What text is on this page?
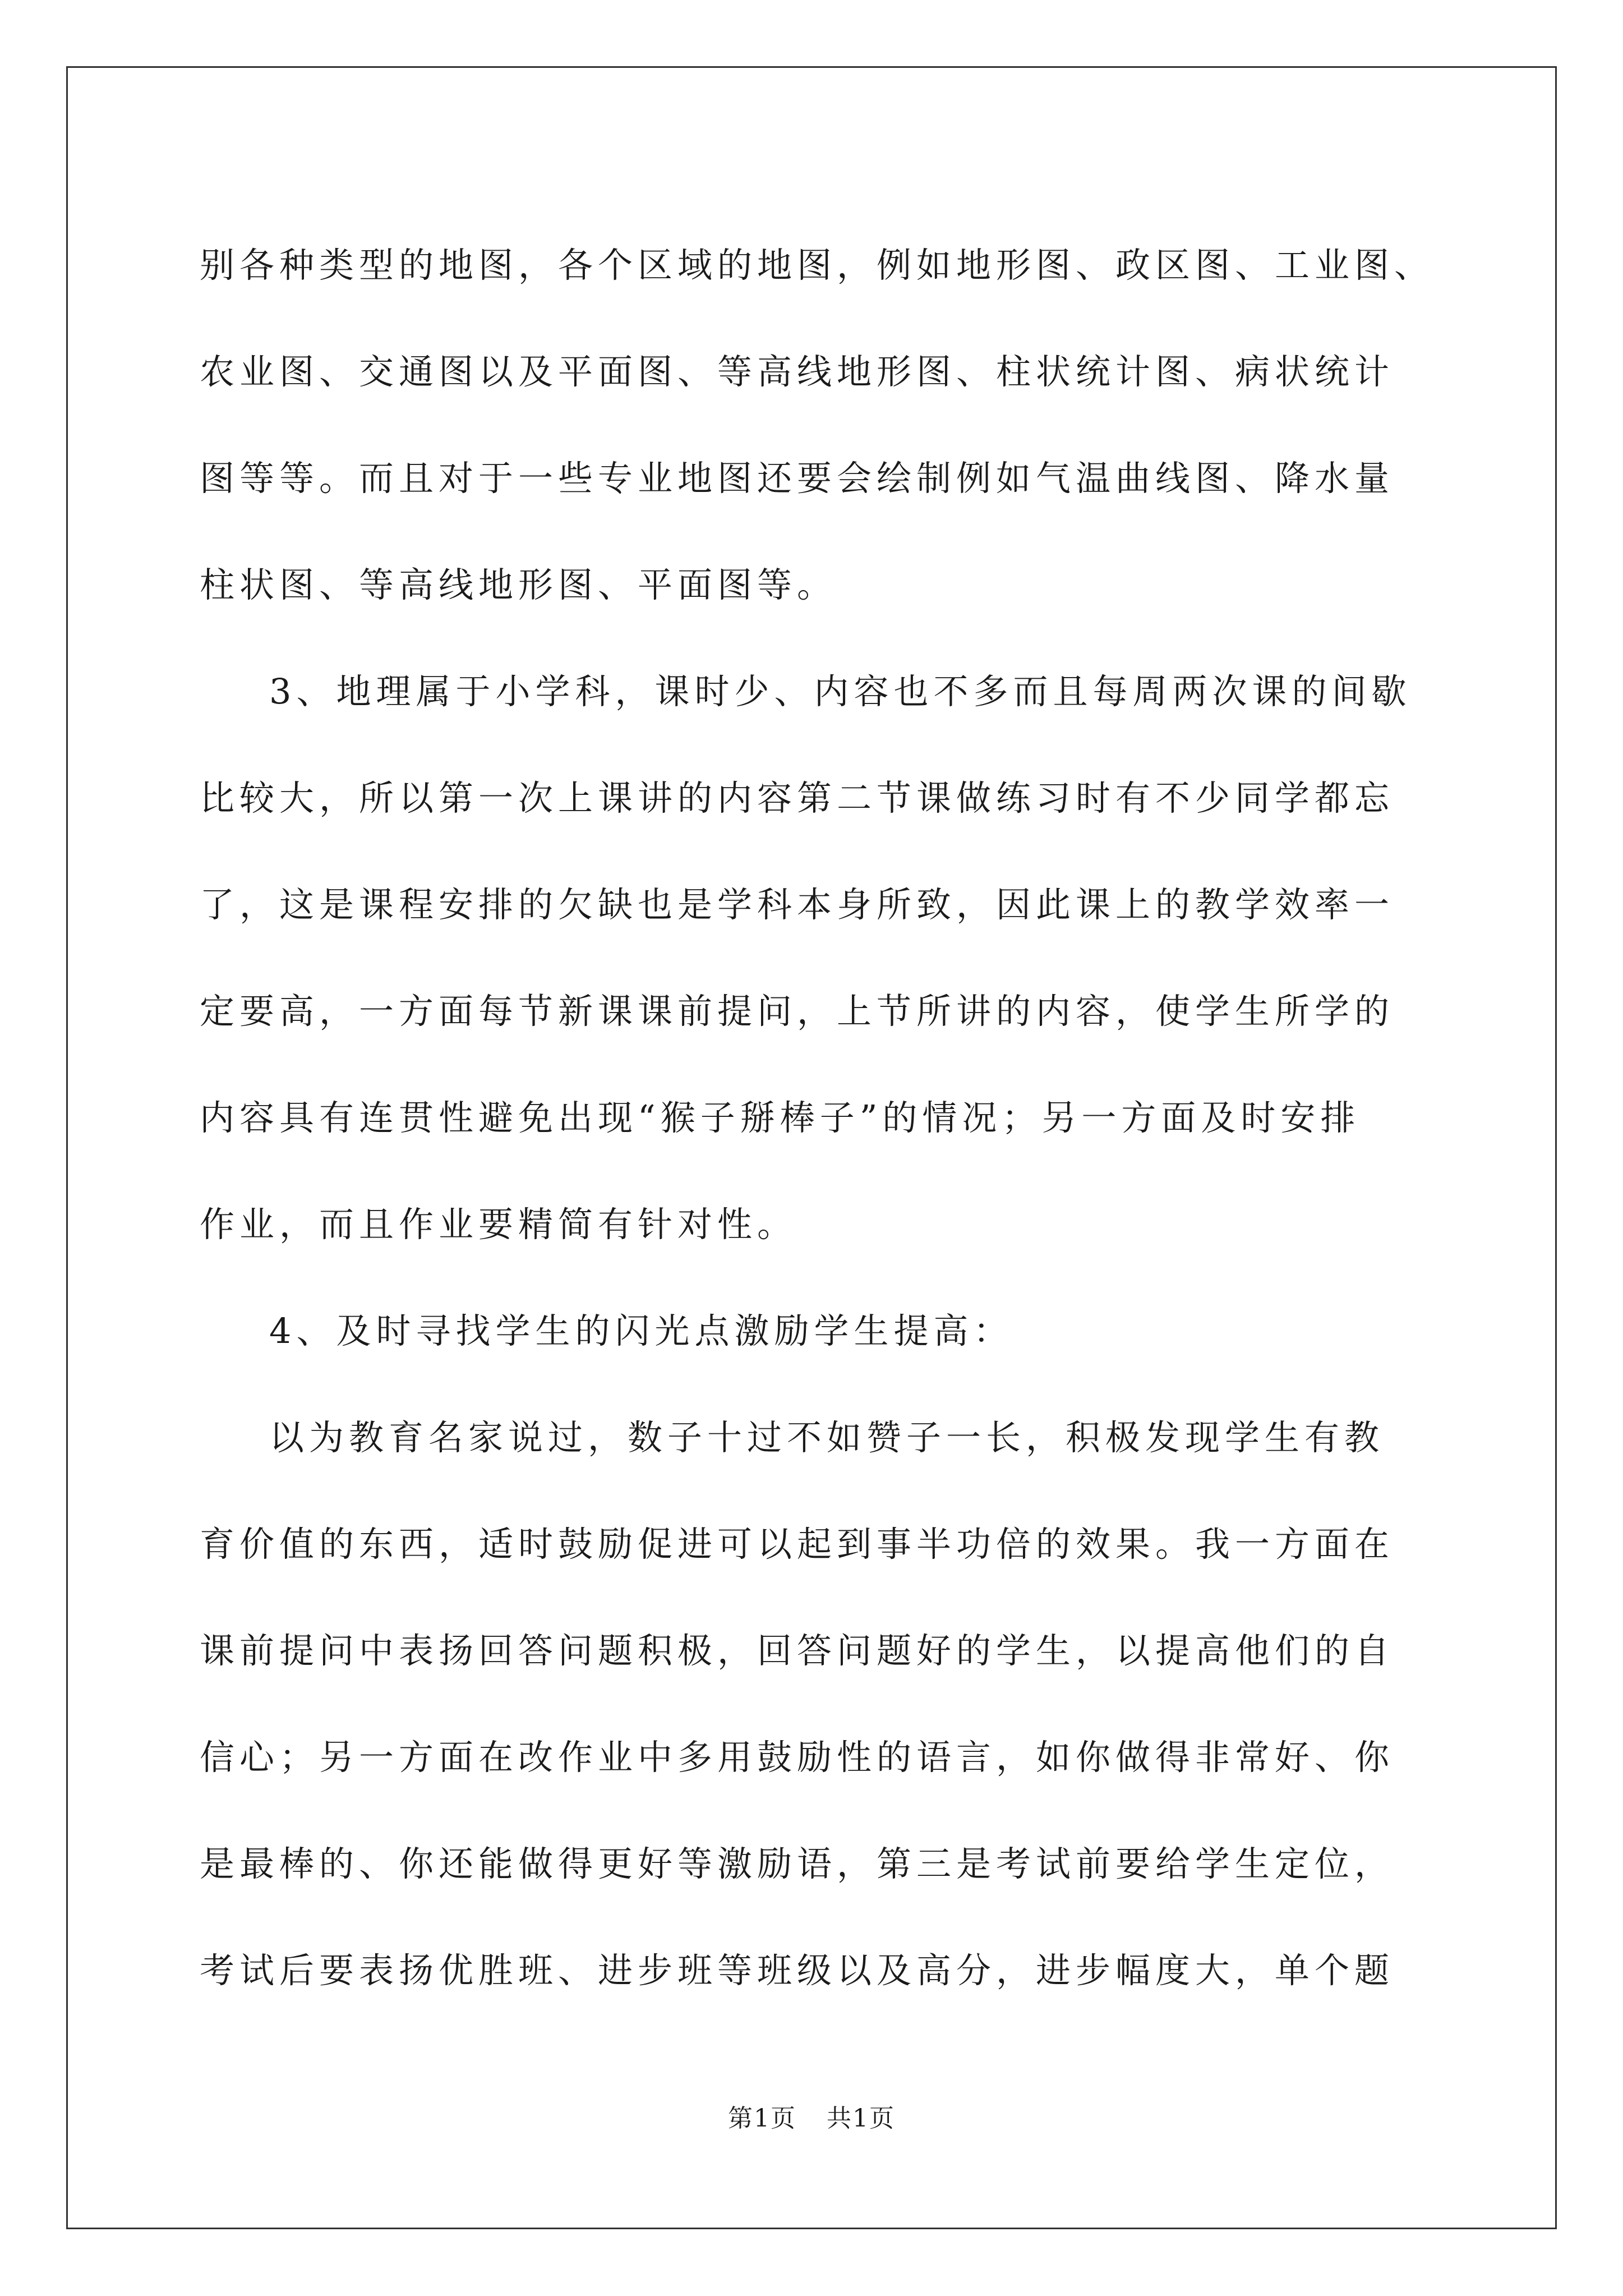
别各种类型的地图，各个区域的地图，例如地形图、政区图、工业图、

农业图、交通图以及平面图、等高线地形图、柱状统计图、病状统计

图等等。而且对于一些专业地图还要会绘制例如气温曲线图、降水量

柱状图、等高线地形图、平面图等。

3、地理属于小学科，课时少、内容也不多而且每周两次课的间歇

比较大，所以第一次上课讲的内容第二节课做练习时有不少同学都忘

了，这是课程安排的欠缺也是学科本身所致，因此课上的教学效率一

定要高，一方面每节新课课前提问，上节所讲的内容，使学生所学的

内容具有连贯性避免出现“猴子掰棒子”的情况；另一方面及时安排

作业，而且作业要精简有针对性。

4、及时寻找学生的闪光点激励学生提高：

以为教育名家说过，数子十过不如赞子一长，积极发现学生有教

育价值的东西，适时鼓励促进可以起到事半功倍的效果。我一方面在

课前提问中表扬回答问题积极，回答问题好的学生，以提高他们的自

信心；另一方面在改作业中多用鼓励性的语言，如你做得非常好、你

是最棒的、你还能做得更好等激励语，第三是考试前要给学生定位，

考试后要表扬优胜班、进步班等班级以及高分，进步幅度大，单个题

第1页 共1页
